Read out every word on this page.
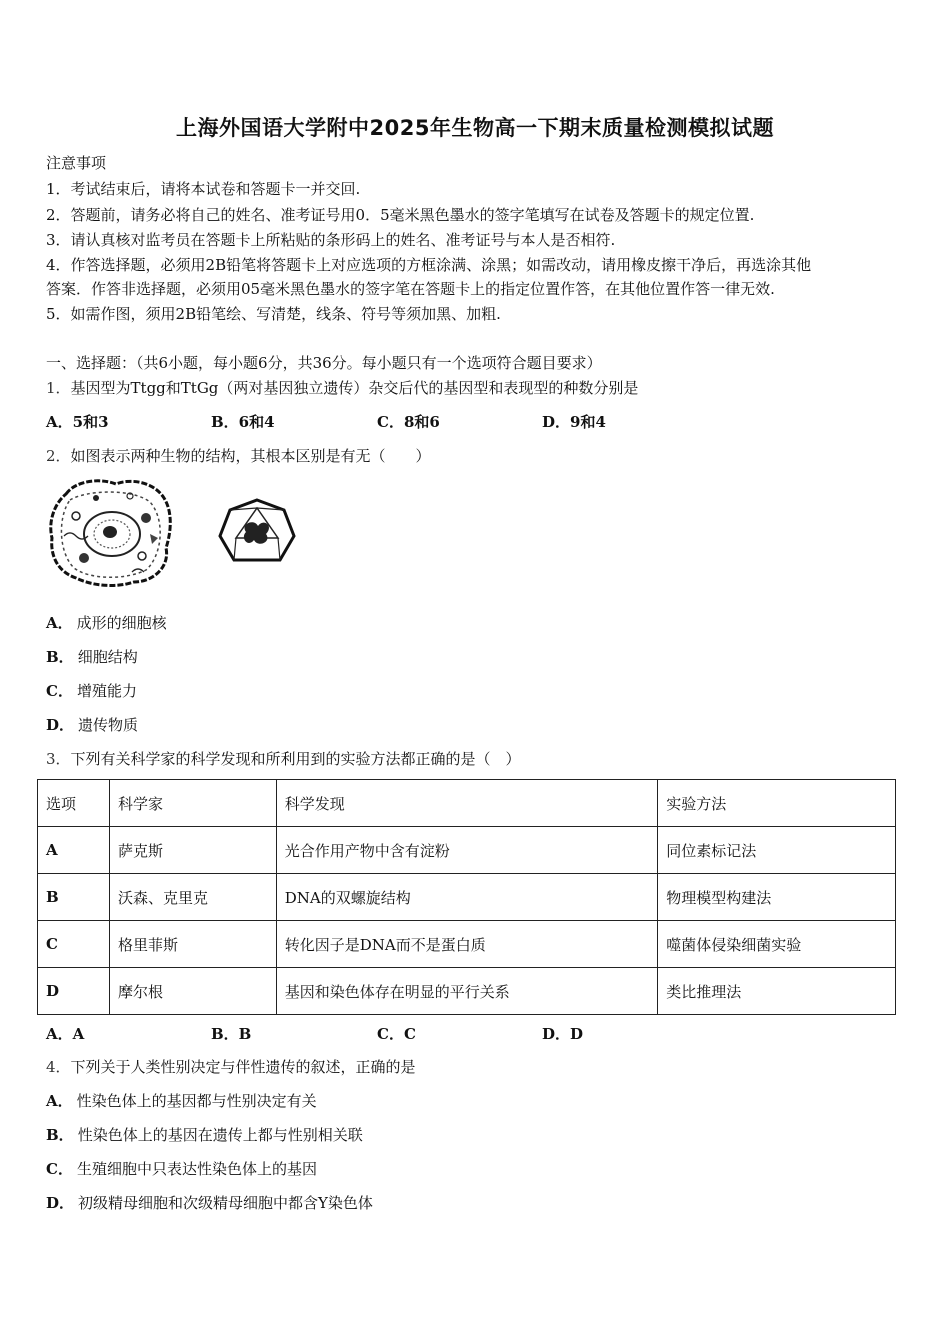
上海外国语大学附中2025年生物高一下期末质量检测模拟试题
注意事项
1．考试结束后，请将本试卷和答题卡一并交回.
2．答题前，请务必将自己的姓名、准考证号用0．5毫米黑色墨水的签字笔填写在试卷及答题卡的规定位置.
3．请认真核对监考员在答题卡上所粘贴的条形码上的姓名、准考证号与本人是否相符.
4．作答选择题，必须用2B铅笔将答题卡上对应选项的方框涂满、涂黑；如需改动，请用橡皮擦干净后，再选涂其他
答案．作答非选择题，必须用05毫米黑色墨水的签字笔在答题卡上的指定位置作答，在其他位置作答一律无效.
5．如需作图，须用2B铅笔绘、写清楚，线条、符号等须加黑、加粗.
一、选择题：（共6小题，每小题6分，共36分。每小题只有一个选项符合题目要求）
1．基因型为Ttgg和TtGg（两对基因独立遗传）杂交后代的基因型和表现型的种数分别是
A．5和3	B．6和4	C．8和6	D．9和4
2．如图表示两种生物的结构，其根本区别是有无（　　）
A． 成形的细胞核
B． 细胞结构
C． 增殖能力
D． 遗传物质
3．下列有关科学家的科学发现和所利用到的实验方法都正确的是（　）
选项	科学家	科学发现	实验方法
A	萨克斯	光合作用产物中含有淀粉	同位素标记法
B	沃森、克里克	DNA的双螺旋结构	物理模型构建法
C	格里菲斯	转化因子是DNA而不是蛋白质	噬菌体侵染细菌实验
D	摩尔根	基因和染色体存在明显的平行关系	类比推理法
A．A	B．B	C．C	D．D
4．下列关于人类性别决定与伴性遗传的叙述，正确的是
A． 性染色体上的基因都与性别决定有关
B． 性染色体上的基因在遗传上都与性别相关联
C． 生殖细胞中只表达性染色体上的基因
D． 初级精母细胞和次级精母细胞中都含Y染色体
